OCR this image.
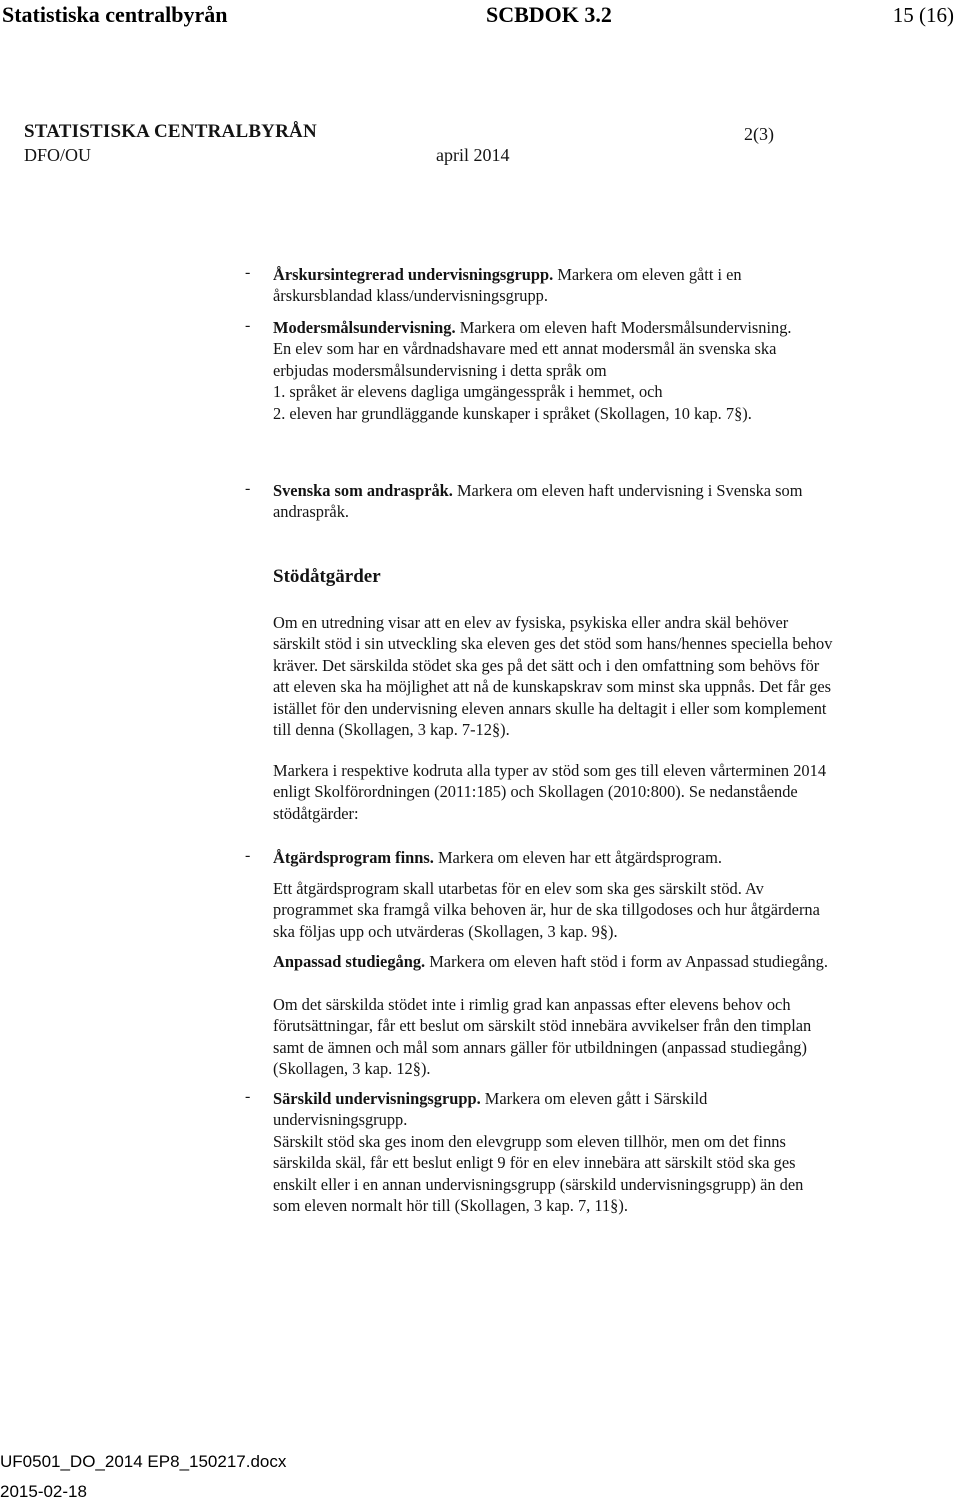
Statistiska centralbyrån	SCBDOK 3.2	15 (16)
STATISTISKA CENTRALBYRÅN
DFO/OU	april 2014
2(3)
- Årskursintegrerad undervisningsgrupp. Markera om eleven gått i en årskursblandad klass/undervisningsgrupp.
- Modersmålsundervisning. Markera om eleven haft Modersmålsundervisning.
En elev som har en vårdnadshavare med ett annat modersmål än svenska ska erbjudas modersmålsundervisning i detta språk om
1. språket är elevens dagliga umgängesspråk i hemmet, och
2. eleven har grundläggande kunskaper i språket (Skollagen, 10 kap. 7§).
- Svenska som andraspråk. Markera om eleven haft undervisning i Svenska som andraspråk.
Stödåtgärder
Om en utredning visar att en elev av fysiska, psykiska eller andra skäl behöver särskilt stöd i sin utveckling ska eleven ges det stöd som hans/hennes speciella behov kräver. Det särskilda stödet ska ges på det sätt och i den omfattning som behövs för att eleven ska ha möjlighet att nå de kunskapskrav som minst ska uppnås. Det får ges istället för den undervisning eleven annars skulle ha deltagit i eller som komplement till denna (Skollagen, 3 kap. 7-12§).
Markera i respektive kodruta alla typer av stöd som ges till eleven vårterminen 2014 enligt Skolförordningen (2011:185) och Skollagen (2010:800). Se nedanstående stödåtgärder:
- Åtgärdsprogram finns. Markera om eleven har ett åtgärdsprogram.
Ett åtgärdsprogram skall utarbetas för en elev som ska ges särskilt stöd. Av programmet ska framgå vilka behoven är, hur de ska tillgodoses och hur åtgärderna ska följas upp och utvärderas (Skollagen, 3 kap. 9§).
Anpassad studiegång. Markera om eleven haft stöd i form av Anpassad studiegång.
Om det särskilda stödet inte i rimlig grad kan anpassas efter elevens behov och förutsättningar, får ett beslut om särskilt stöd innebära avvikelser från den timplan samt de ämnen och mål som annars gäller för utbildningen (anpassad studiegång) (Skollagen, 3 kap. 12§).
- Särskild undervisningsgrupp. Markera om eleven gått i Särskild undervisningsgrupp.
Särskilt stöd ska ges inom den elevgrupp som eleven tillhör, men om det finns särskilda skäl, får ett beslut enligt 9 för en elev innebära att särskilt stöd ska ges enskilt eller i en annan undervisningsgrupp (särskild undervisningsgrupp) än den som eleven normalt hör till (Skollagen, 3 kap. 7, 11§).
UF0501_DO_2014 EP8_150217.docx
2015-02-18
